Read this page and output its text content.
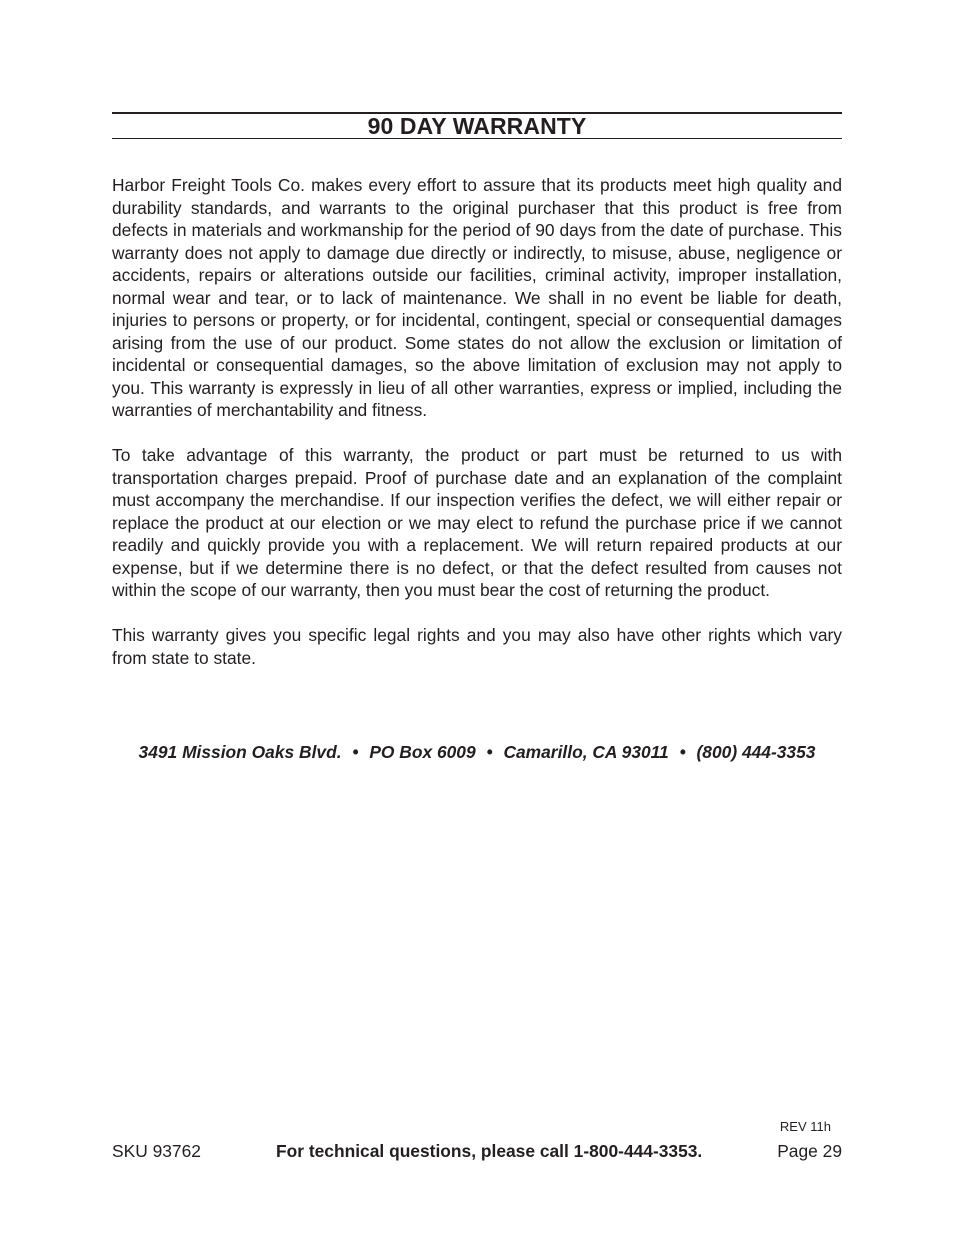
90 DAY WARRANTY

Harbor Freight Tools Co. makes every effort to assure that its products meet high quality and durability standards, and warrants to the original purchaser that this product is free from defects in materials and workmanship for the period of 90 days from the date of purchase. This warranty does not apply to damage due directly or indirectly, to misuse, abuse, negligence or accidents, repairs or alterations outside our facilities, criminal activity, improper installation, normal wear and tear, or to lack of maintenance. We shall in no event be liable for death, injuries to persons or property, or for incidental, contingent, special or consequential damages arising from the use of our product. Some states do not allow the exclusion or limitation of incidental or consequential damages, so the above limitation of exclusion may not apply to you. This warranty is expressly in lieu of all other warranties, express or implied, including the warranties of merchantability and fitness.

To take advantage of this warranty, the product or part must be returned to us with transportation charges prepaid. Proof of purchase date and an explanation of the complaint must accompany the merchandise. If our inspection verifies the defect, we will either repair or replace the product at our election or we may elect to refund the purchase price if we cannot readily and quickly provide you with a replacement. We will return repaired products at our expense, but if we determine there is no defect, or that the defect resulted from causes not within the scope of our warranty, then you must bear the cost of returning the product.

This warranty gives you specific legal rights and you may also have other rights which vary from state to state.

3491 Mission Oaks Blvd. • PO Box 6009 • Camarillo, CA 93011 • (800) 444-3353
REV 11h
SKU 93762	For technical questions, please call 1-800-444-3353.	Page 29
